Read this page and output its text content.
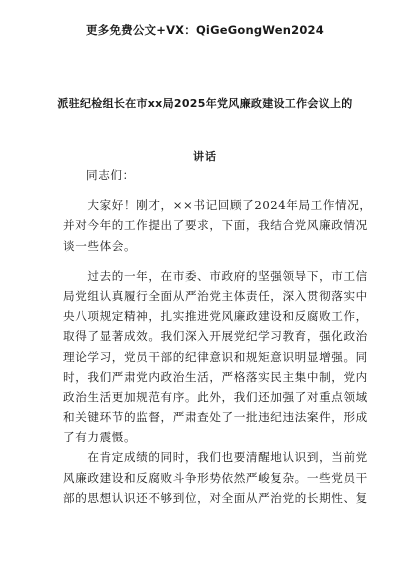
更多免费公文+VX：QiGeGongWen2024
派驻纪检组长在市xx局2025年党风廉政建设工作会议上的
讲话
同志们：
　　大家好！刚才，××书记回顾了2024年局工作情况，
并对今年的工作提出了要求，下面，我结合党风廉政情况
谈一些体会。
　　过去的一年，在市委、市政府的坚强领导下，市工信
局党组认真履行全面从严治党主体责任，深入贯彻落实中
央八项规定精神，扎实推进党风廉政建设和反腐败工作，
取得了显著成效。我们深入开展党纪学习教育，强化政治
理论学习，党员干部的纪律意识和规矩意识明显增强。同
时，我们严肃党内政治生活，严格落实民主集中制，党内
政治生活更加规范有序。此外，我们还加强了对重点领域
和关键环节的监督，严肃查处了一批违纪违法案件，形成
了有力震慑。
　　在肯定成绩的同时，我们也要清醒地认识到，当前党
风廉政建设和反腐败斗争形势依然严峻复杂。一些党员干
部的思想认识还不够到位，对全面从严治党的长期性、复
